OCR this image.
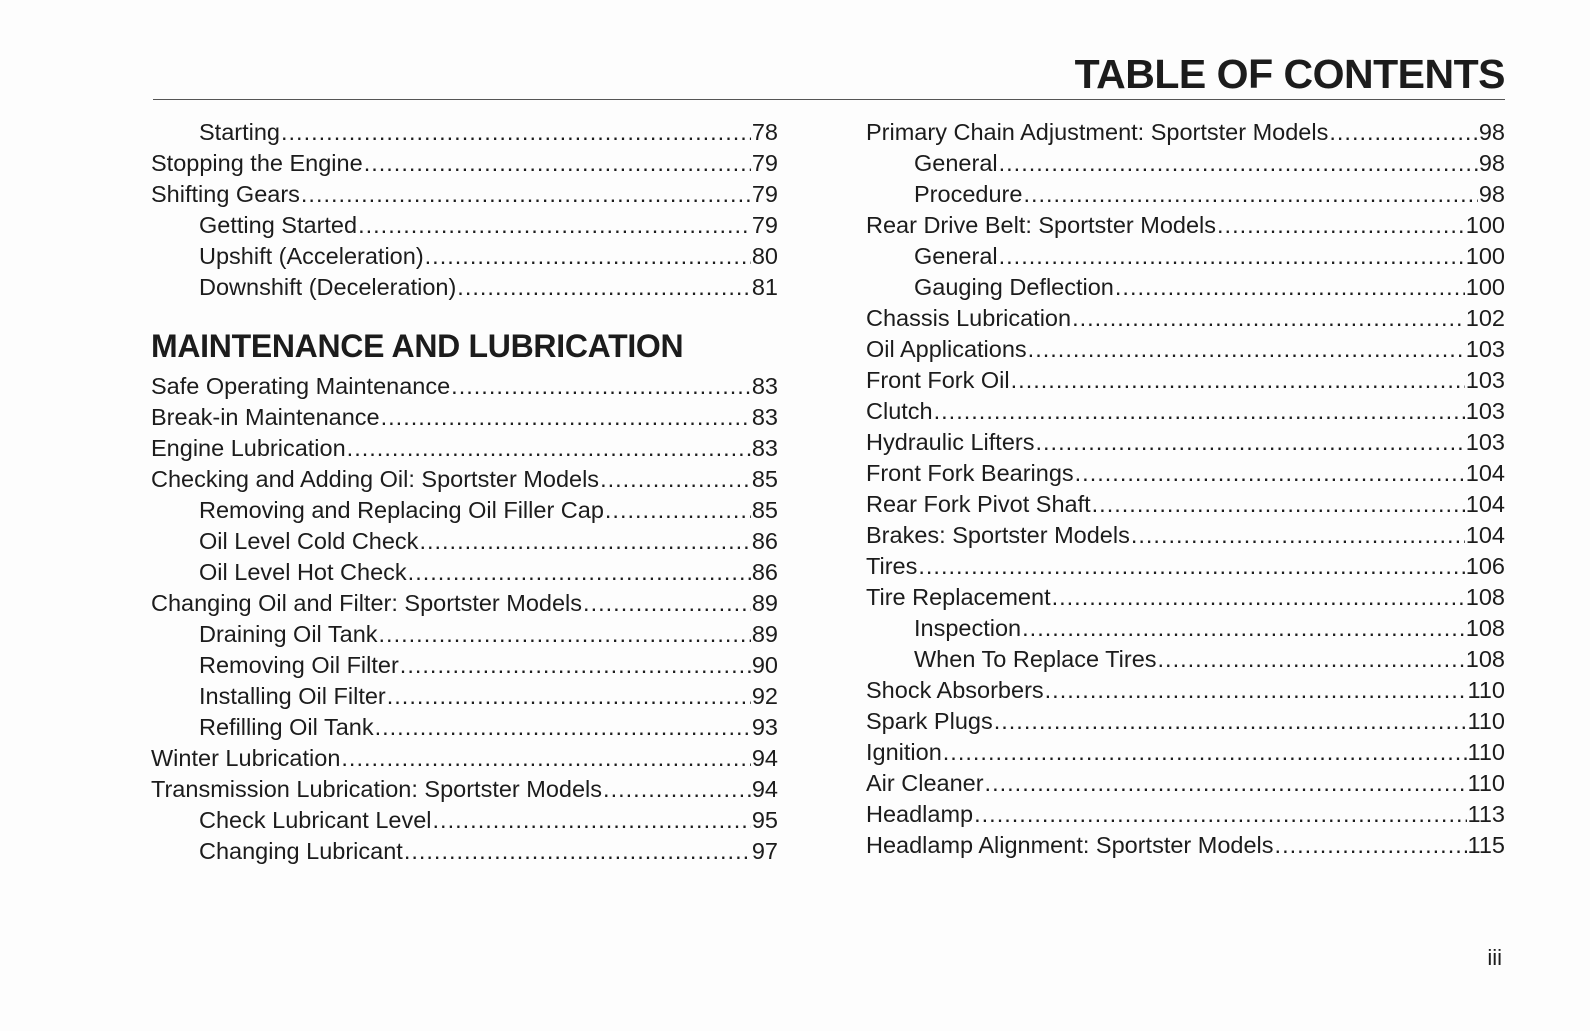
TABLE OF CONTENTS
Starting .....	78
Stopping the Engine .....	79
Shifting Gears .....	79
Getting Started .....	79
Upshift (Acceleration) .....	80
Downshift (Deceleration) .....	81
MAINTENANCE AND LUBRICATION
Safe Operating Maintenance .....	83
Break-in Maintenance .....	83
Engine Lubrication .....	83
Checking and Adding Oil: Sportster Models .....	85
Removing and Replacing Oil Filler Cap .....	85
Oil Level Cold Check .....	86
Oil Level Hot Check .....	86
Changing Oil and Filter: Sportster Models .....	89
Draining Oil Tank .....	89
Removing Oil Filter .....	90
Installing Oil Filter .....	92
Refilling Oil Tank .....	93
Winter Lubrication .....	94
Transmission Lubrication: Sportster Models .....	94
Check Lubricant Level .....	95
Changing Lubricant .....	97
Primary Chain Adjustment: Sportster Models .....	98
General .....	98
Procedure .....	98
Rear Drive Belt: Sportster Models .....	100
General .....	100
Gauging Deflection .....	100
Chassis Lubrication .....	102
Oil Applications .....	103
Front Fork Oil .....	103
Clutch .....	103
Hydraulic Lifters .....	103
Front Fork Bearings .....	104
Rear Fork Pivot Shaft .....	104
Brakes: Sportster Models .....	104
Tires .....	106
Tire Replacement .....	108
Inspection .....	108
When To Replace Tires .....	108
Shock Absorbers .....	110
Spark Plugs .....	110
Ignition .....	110
Air Cleaner .....	110
Headlamp .....	113
Headlamp Alignment: Sportster Models .....	115
iii
